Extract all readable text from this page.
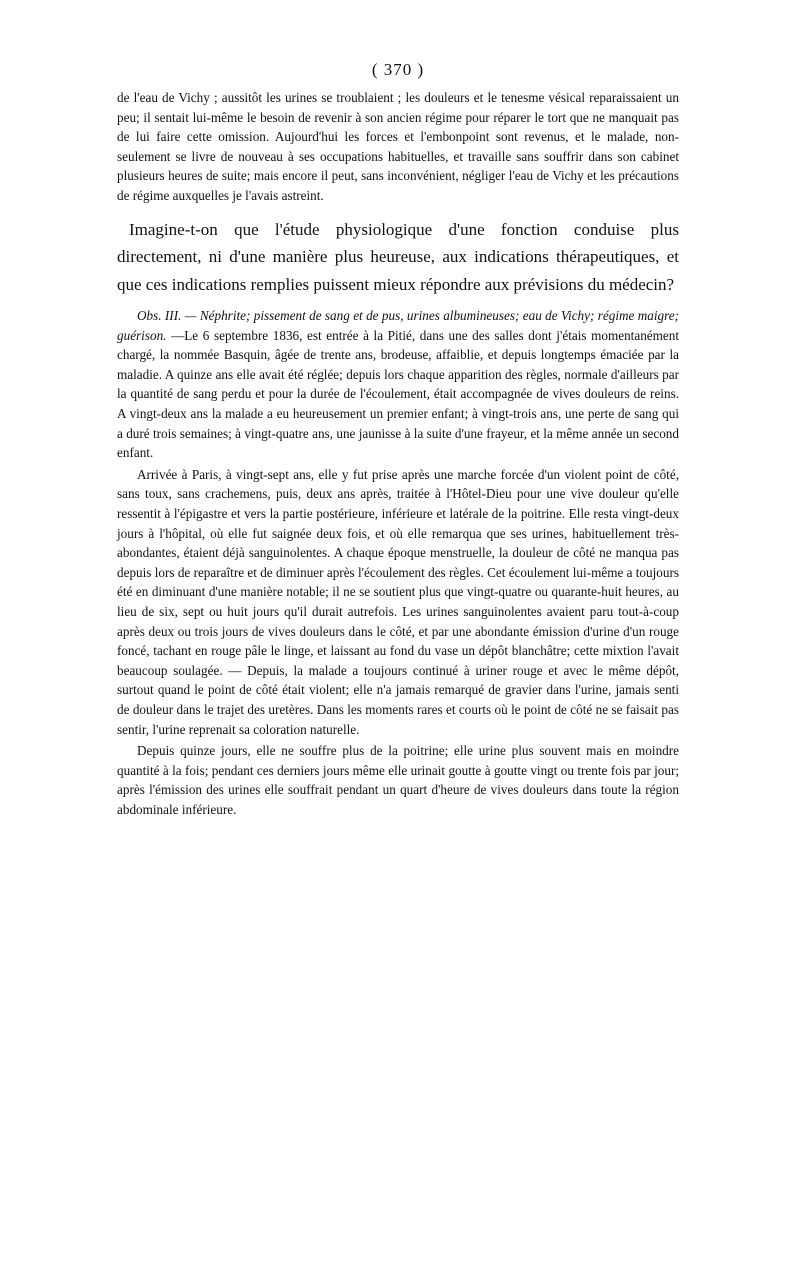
( 370 )

de l'eau de Vichy ; aussitôt les urines se troublaient ; les douleurs et le tenesme vésical reparaissaient un peu; il sentait lui-même le besoin de revenir à son ancien régime pour réparer le tort que ne manquait pas de lui faire cette omission. Aujourd'hui les forces et l'embonpoint sont revenus, et le malade, non-seulement se livre de nouveau à ses occupations habituelles, et travaille sans souffrir dans son cabinet plusieurs heures de suite; mais encore il peut, sans inconvénient, négliger l'eau de Vichy et les précautions de régime auxquelles je l'avais astreint.

Imagine-t-on que l'étude physiologique d'une fonction conduise plus directement, ni d'une manière plus heureuse, aux indications thérapeutiques, et que ces indications remplies puissent mieux répondre aux prévisions du médecin?

Obs. III. — Néphrite; pissement de sang et de pus, urines albumineuses; eau de Vichy; régime maigre; guérison. —Le 6 septembre 1836, est entrée à la Pitié, dans une des salles dont j'étais momentanément chargé, la nommée Basquin, âgée de trente ans, brodeuse, affaiblie, et depuis longtemps émaciée par la maladie. A quinze ans elle avait été réglée; depuis lors chaque apparition des règles, normale d'ailleurs par la quantité de sang perdu et pour la durée de l'écoulement, était accompagnée de vives douleurs de reins. A vingt-deux ans la malade a eu heureusement un premier enfant; à vingt-trois ans, une perte de sang qui a duré trois semaines; à vingt-quatre ans, une jaunisse à la suite d'une frayeur, et la même année un second enfant.

Arrivée à Paris, à vingt-sept ans, elle y fut prise après une marche forcée d'un violent point de côté, sans toux, sans crachemens, puis, deux ans après, traitée à l'Hôtel-Dieu pour une vive douleur qu'elle ressentit à l'épigastre et vers la partie postérieure, inférieure et latérale de la poitrine. Elle resta vingt-deux jours à l'hôpital, où elle fut saignée deux fois, et où elle remarqua que ses urines, habituellement très-abondantes, étaient déjà sanguinolentes. A chaque époque menstruelle, la douleur de côté ne manqua pas depuis lors de reparaître et de diminuer après l'écoulement des règles. Cet écoulement lui-même a toujours été en diminuant d'une manière notable; il ne se soutient plus que vingt-quatre ou quarante-huit heures, au lieu de six, sept ou huit jours qu'il durait autrefois. Les urines sanguinolentes avaient paru tout-à-coup après deux ou trois jours de vives douleurs dans le côté, et par une abondante émission d'urine d'un rouge foncé, tachant en rouge pâle le linge, et laissant au fond du vase un dépôt blanchâtre; cette mixtion l'avait beaucoup soulagée. — Depuis, la malade a toujours continué à uriner rouge et avec le même dépôt, surtout quand le point de côté était violent; elle n'a jamais remarqué de gravier dans l'urine, jamais senti de douleur dans le trajet des uretères. Dans les moments rares et courts où le point de côté ne se faisait pas sentir, l'urine reprenait sa coloration naturelle.

Depuis quinze jours, elle ne souffre plus de la poitrine; elle urine plus souvent mais en moindre quantité à la fois; pendant ces derniers jours même elle urinait goutte à goutte vingt ou trente fois par jour; après l'émission des urines elle souffrait pendant un quart d'heure de vives douleurs dans toute la région abdominale inférieure.
